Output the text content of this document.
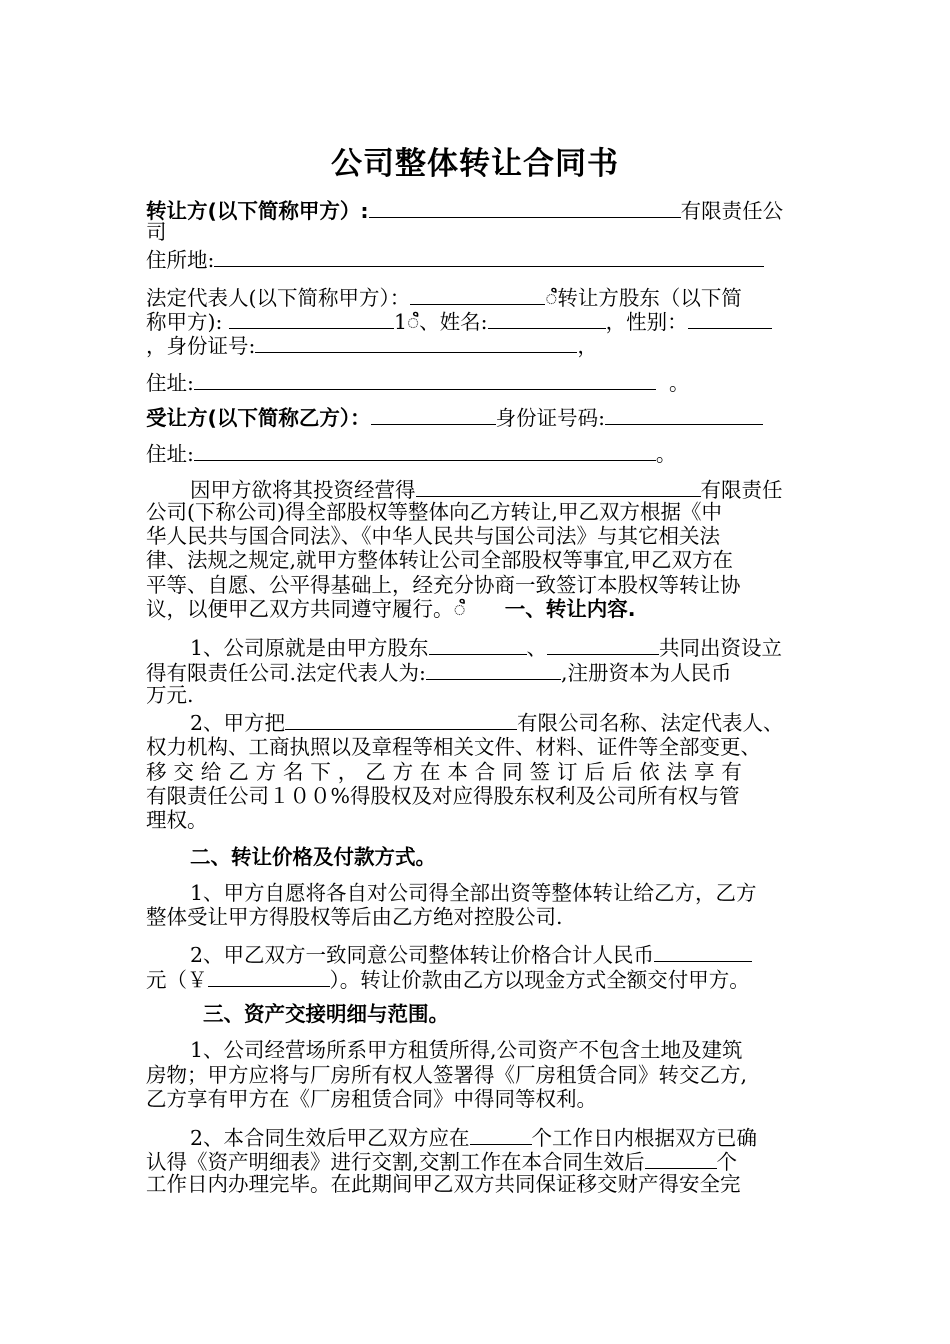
公司整体转让合同书
转让方(以下简称甲方）:	有限责任公
司
住所地:
法定代表人(以下简称甲方）：	ꦶ转让方股东（以下简
称甲方):	1ꦶ、姓名:	，性别：
，身份证号:	，
住址:	。
受让方(以下简称乙方）：	身份证号码:
住址:	。
因甲方欲将其投资经营得	有限责任
公司(下称公司)得全部股权等整体向乙方转让,甲乙双方根据《中
华人民共与国合同法》、《中华人民共与国公司法》与其它相关法
律、法规之规定,就甲方整体转让公司全部股权等事宜,甲乙双方在
平等、自愿、公平得基础上，经充分协商一致签订本股权等转让协
议，以便甲乙双方共同遵守履行。ꦶ 一、转让内容.
1、公司原就是由甲方股东	、	共同出资设立
得有限责任公司.法定代表人为:	,注册资本为人民币
万元.
2、甲方把	有限公司名称、法定代表人、
权力机构、工商执照以及章程等相关文件、材料、证件等全部变更、
移交给乙方名下，乙方在本合同签订后后依法享有
有限责任公司１００%得股权及对应得股东权利及公司所有权与管
理权。
二、转让价格及付款方式。
1、甲方自愿将各自对公司得全部出资等整体转让给乙方，乙方
整体受让甲方得股权等后由乙方绝对控股公司.
2、甲乙双方一致同意公司整体转让价格合计人民币
元（￥	）。转让价款由乙方以现金方式全额交付甲方。
三、资产交接明细与范围。
1、公司经营场所系甲方租赁所得,公司资产不包含土地及建筑
房物；甲方应将与厂房所有权人签署得《厂房租赁合同》转交乙方,
乙方享有甲方在《厂房租赁合同》中得同等权利。
2、本合同生效后甲乙双方应在	个工作日内根据双方已确
认得《资产明细表》进行交割,交割工作在本合同生效后	个
工作日内办理完毕。在此期间甲乙双方共同保证移交财产得安全完
